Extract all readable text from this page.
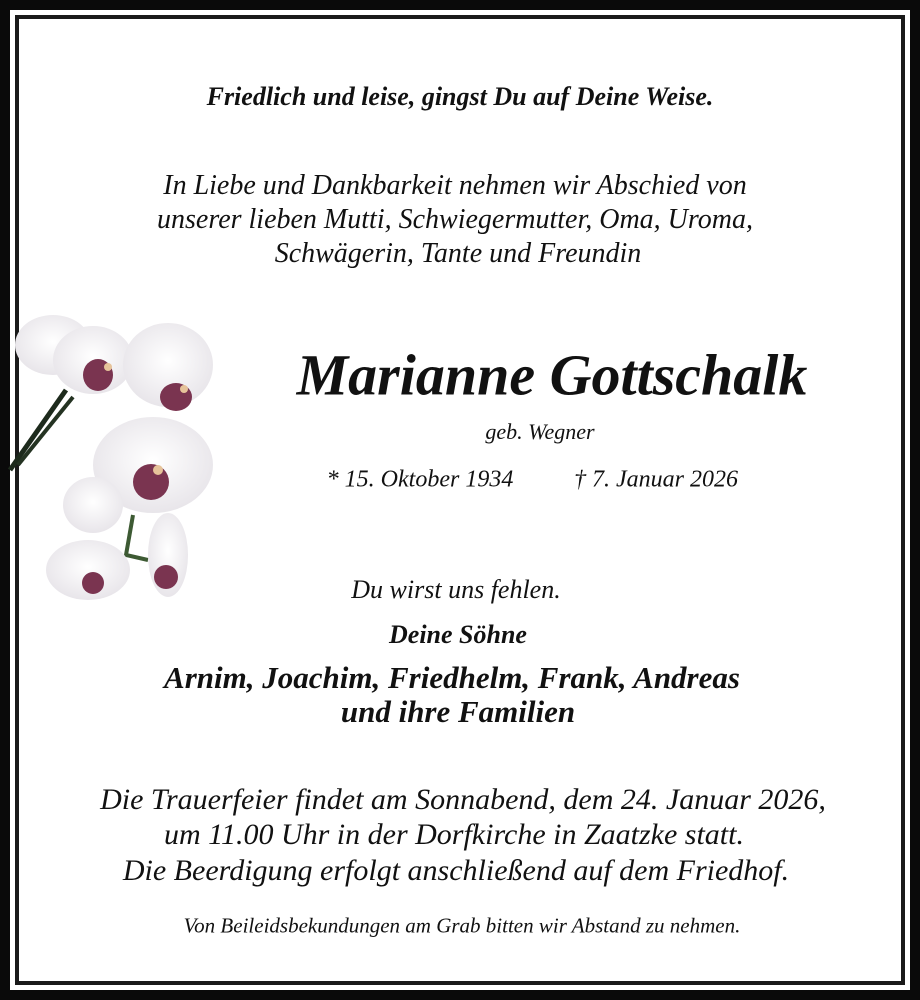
Friedlich und leise, gingst Du auf Deine Weise.
In Liebe und Dankbarkeit nehmen wir Abschied von
unserer lieben Mutti, Schwiegermutter, Oma, Uroma,
Schwägerin, Tante und Freundin
Marianne Gottschalk
geb. Wegner
* 15. Oktober 1934	† 7. Januar 2026
Du wirst uns fehlen.
Deine Söhne
Arnim, Joachim, Friedhelm, Frank, Andreas
und ihre Familien
Die Trauerfeier findet am Sonnabend, dem 24. Januar 2026,
um 11.00 Uhr in der Dorfkirche in Zaatzke statt.
Die Beerdigung erfolgt anschließend auf dem Friedhof.
Von Beileidsbekundungen am Grab bitten wir Abstand zu nehmen.
